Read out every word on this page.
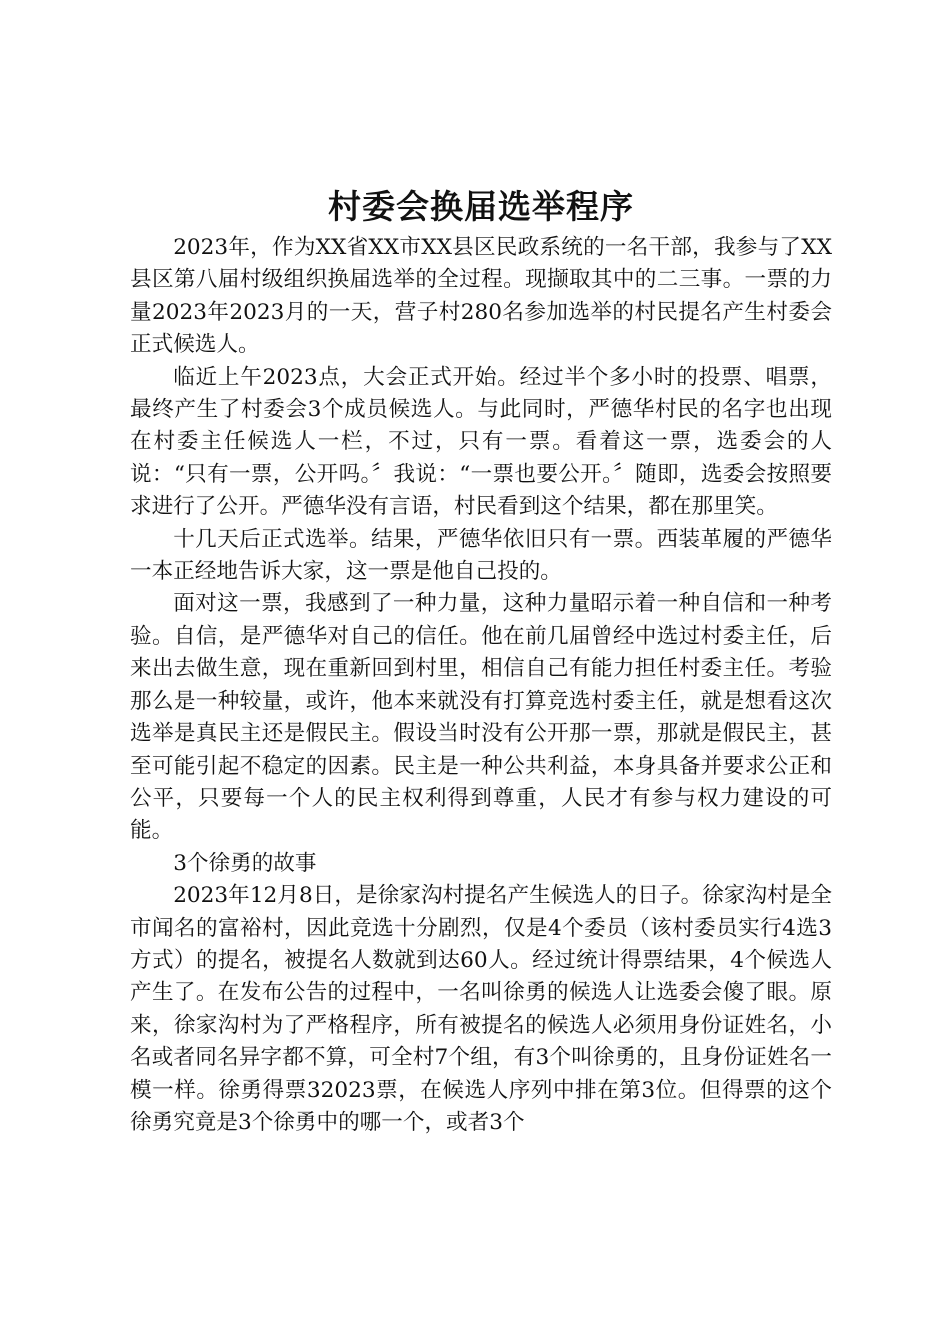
村委会换届选举程序

2023年，作为XX省XX市XX县区民政系统的一名干部，我参与了XX县区第八届村级组织换届选举的全过程。现撷取其中的二三事。一票的力量2023年2023月的一天，营子村280名参加选举的村民提名产生村委会正式候选人。

临近上午2023点，大会正式开始。经过半个多小时的投票、唱票，最终产生了村委会3个成员候选人。与此同时，严德华村民的名字也出现在村委主任候选人一栏，不过，只有一票。看着这一票，选委会的人说：“只有一票，公开吗。〞我说：“一票也要公开。〞随即，选委会按照要求进行了公开。严德华没有言语，村民看到这个结果，都在那里笑。

十几天后正式选举。结果，严德华依旧只有一票。西装革履的严德华一本正经地告诉大家，这一票是他自己投的。

面对这一票，我感到了一种力量，这种力量昭示着一种自信和一种考验。自信，是严德华对自己的信任。他在前几届曾经中选过村委主任，后来出去做生意，现在重新回到村里，相信自己有能力担任村委主任。考验那么是一种较量，或许，他本来就没有打算竞选村委主任，就是想看这次选举是真民主还是假民主。假设当时没有公开那一票，那就是假民主，甚至可能引起不稳定的因素。民主是一种公共利益，本身具备并要求公正和公平，只要每一个人的民主权利得到尊重，人民才有参与权力建设的可能。

3个徐勇的故事

2023年12月8日，是徐家沟村提名产生候选人的日子。徐家沟村是全市闻名的富裕村，因此竞选十分剧烈，仅是4个委员（该村委员实行4选3方式）的提名，被提名人数就到达60人。经过统计得票结果，4个候选人产生了。在发布公告的过程中，一名叫徐勇的候选人让选委会傻了眼。原来，徐家沟村为了严格程序，所有被提名的候选人必须用身份证姓名，小名或者同名异字都不算，可全村7个组，有3个叫徐勇的，且身份证姓名一模一样。徐勇得票32023票，在候选人序列中排在第3位。但得票的这个徐勇究竟是3个徐勇中的哪一个，或者3个
